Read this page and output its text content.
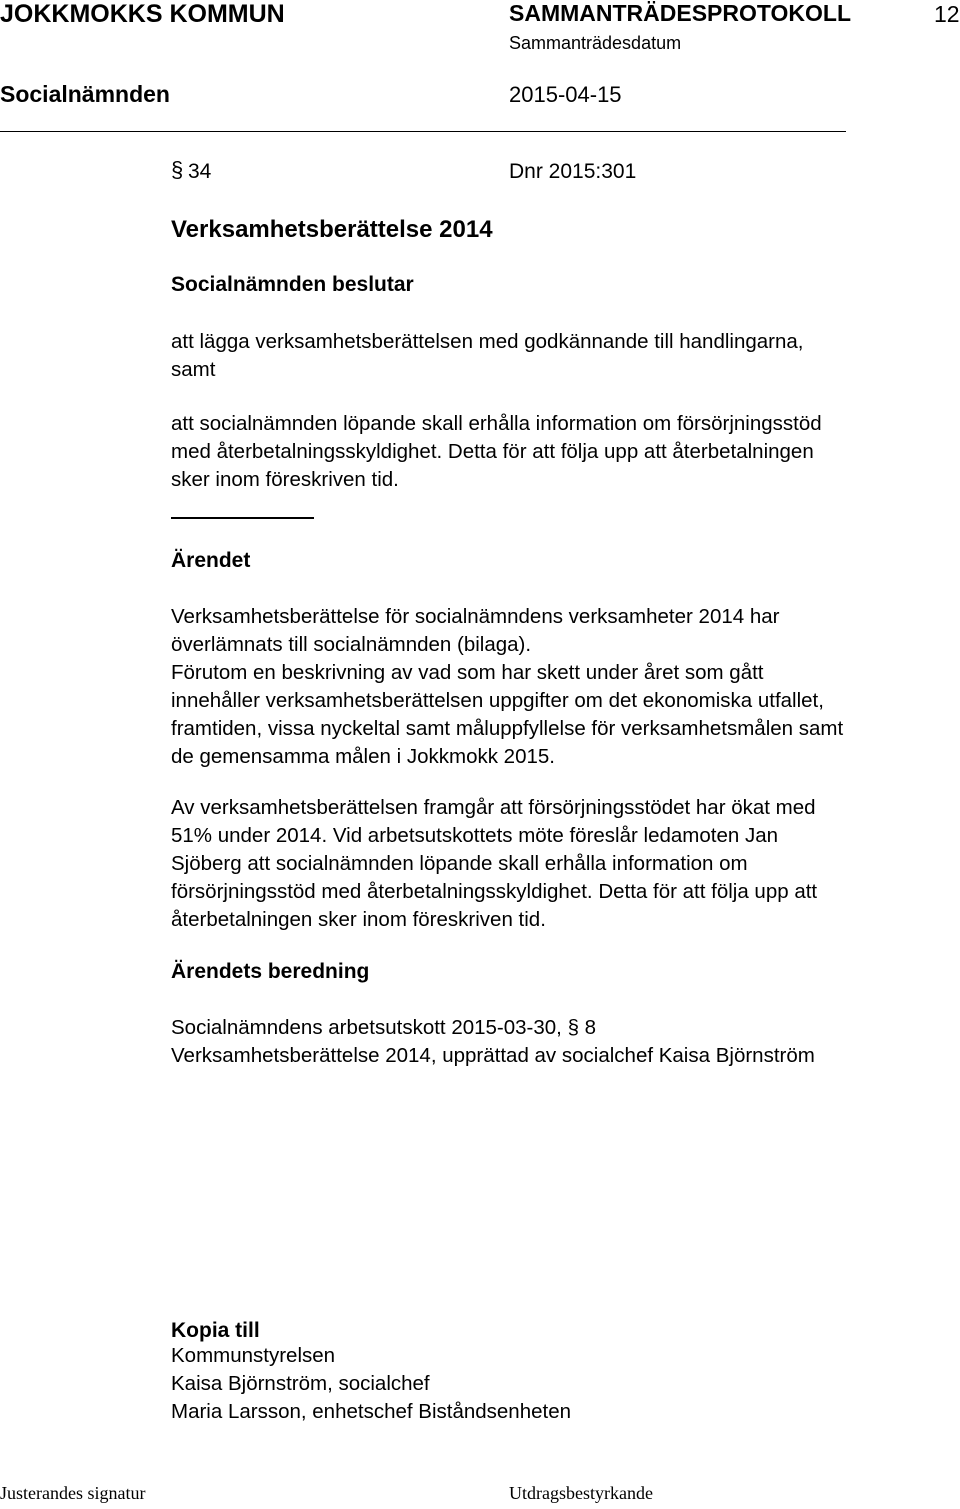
JOKKMOKKS KOMMUN	SAMMANTRÄDESPROTOKOLL	12
Sammanträdesdatum
Socialnämnden	2015-04-15
§ 34	Dnr 2015:301
Verksamhetsberättelse 2014
Socialnämnden beslutar
att lägga verksamhetsberättelsen med godkännande till handlingarna,
samt
att socialnämnden löpande skall erhålla information om försörjningsstöd
med återbetalningsskyldighet. Detta för att följa upp att återbetalningen
sker inom föreskriven tid.
Ärendet
Verksamhetsberättelse för socialnämndens verksamheter 2014 har
överlämnats till socialnämnden (bilaga).
Förutom en beskrivning av vad som har skett under året som gått
innehåller verksamhetsberättelsen uppgifter om det ekonomiska utfallet,
framtiden, vissa nyckeltal samt måluppfyllelse för verksamhetsmålen samt
de gemensamma målen i Jokkmokk 2015.
Av verksamhetsberättelsen framgår att försörjningsstödet har ökat med
51% under 2014. Vid arbetsutskottets möte föreslår ledamoten Jan
Sjöberg att socialnämnden löpande skall erhålla information om
försörjningsstöd med återbetalningsskyldighet. Detta för att följa upp att
återbetalningen sker inom föreskriven tid.
Ärendets beredning
Socialnämndens arbetsutskott 2015-03-30, § 8
Verksamhetsberättelse 2014, upprättad av socialchef Kaisa Björnström
Kopia till
Kommunstyrelsen
Kaisa Björnström, socialchef
Maria Larsson, enhetschef Biståndsenheten
Justerandes signatur	Utdragsbestyrkande
